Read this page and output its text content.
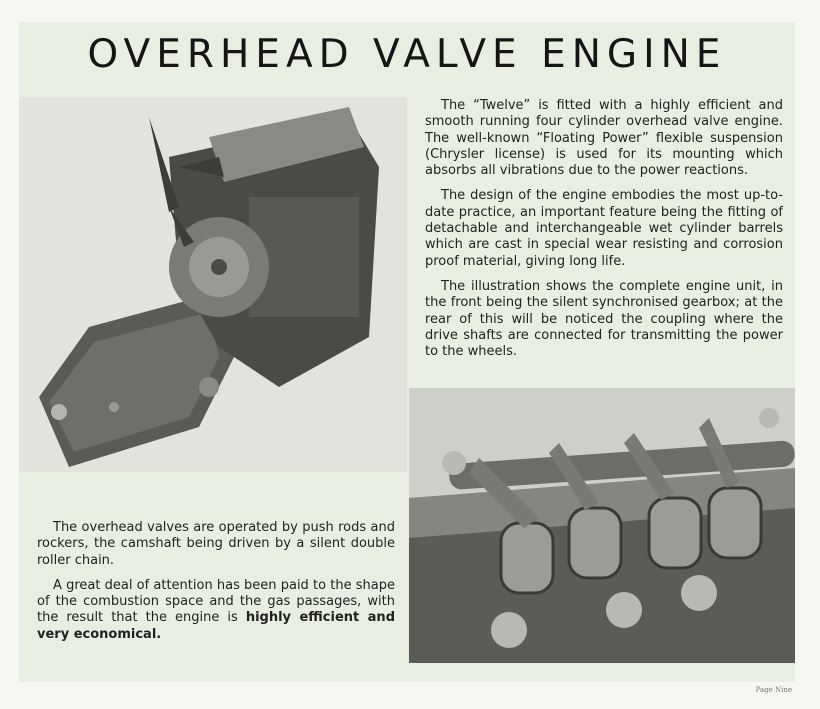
OVERHEAD VALVE ENGINE

The “Twelve” is fitted with a highly efficient and smooth running four cylinder overhead valve engine. The well-known “Floating Power” flexible suspension (Chrysler license) is used for its mounting which absorbs all vibrations due to the power reactions.

The design of the engine embodies the most up-to-date practice, an important feature being the fitting of detachable and interchangeable wet cylinder barrels which are cast in special wear resisting and corrosion proof material, giving long life.

The illustration shows the complete engine unit, in the front being the silent synchronised gearbox; at the rear of this will be noticed the coupling where the drive shafts are connected for transmitting the power to the wheels.

The overhead valves are operated by push rods and rockers, the camshaft being driven by a silent double roller chain.

A great deal of attention has been paid to the shape of the combustion space and the gas passages, with the result that the engine is highly efficient and very economical.

Page Nine
